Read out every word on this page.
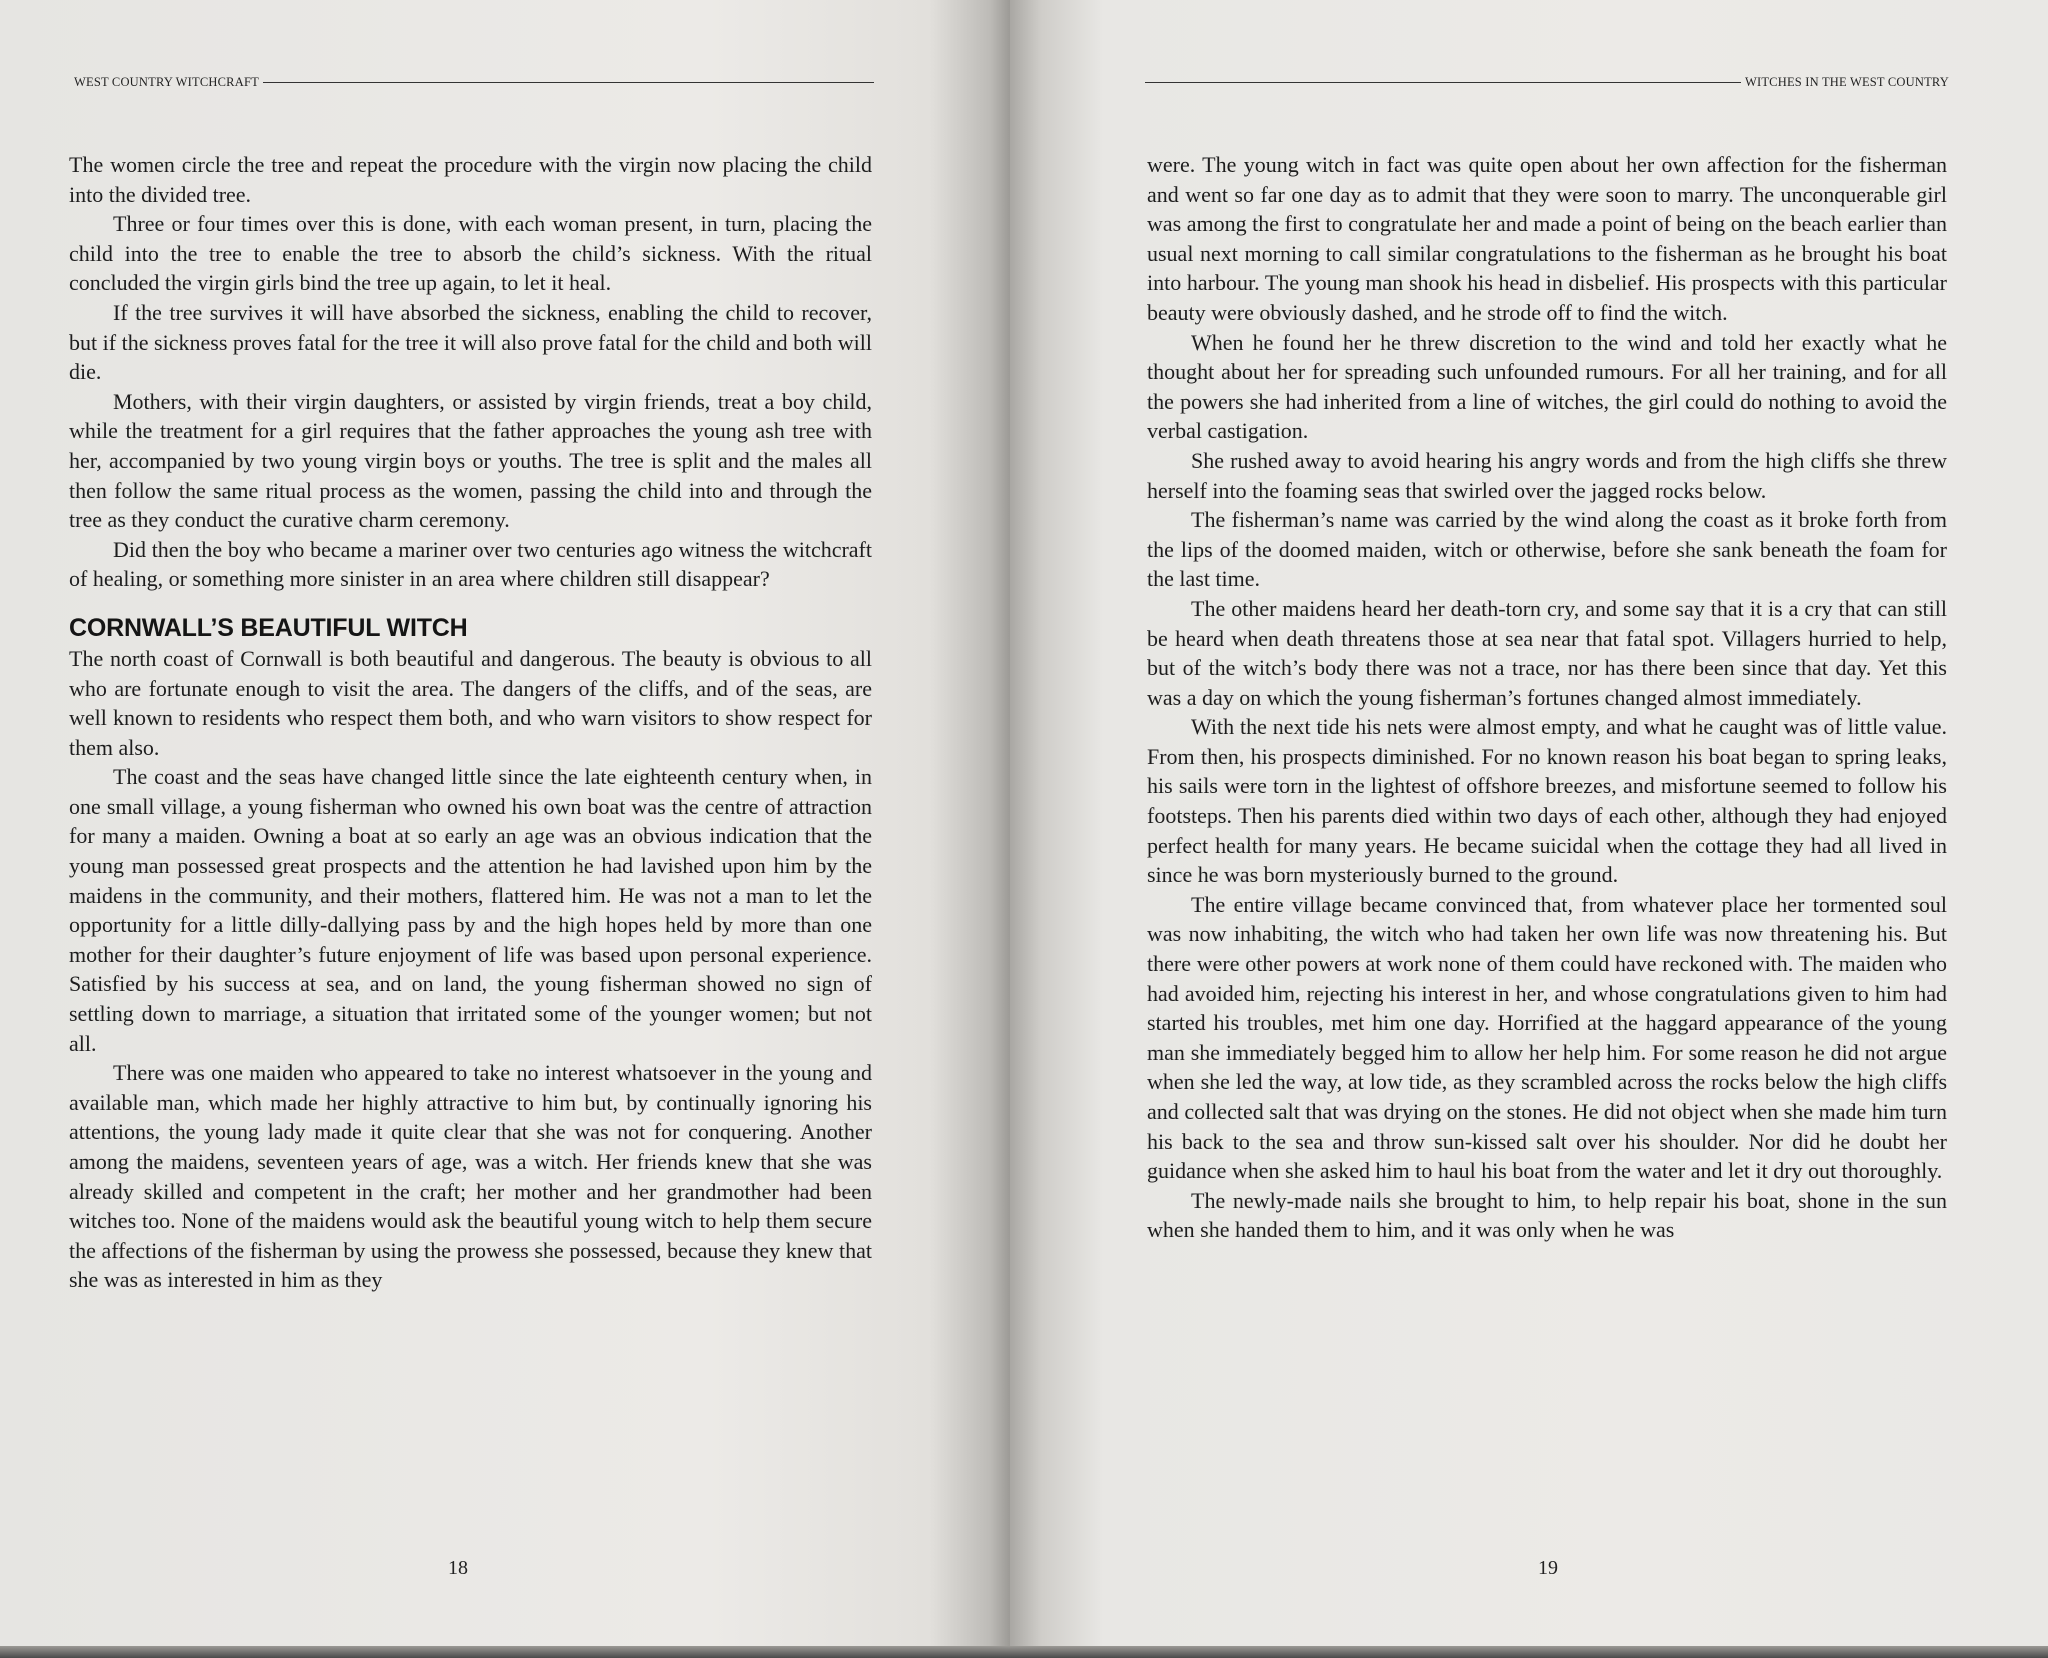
WEST COUNTRY WITCHCRAFT

The women circle the tree and repeat the procedure with the virgin now placing the child into the divided tree.

Three or four times over this is done, with each woman present, in turn, placing the child into the tree to enable the tree to absorb the child’s sickness. With the ritual concluded the virgin girls bind the tree up again, to let it heal.

If the tree survives it will have absorbed the sickness, enabling the child to recover, but if the sickness proves fatal for the tree it will also prove fatal for the child and both will die.

Mothers, with their virgin daughters, or assisted by virgin friends, treat a boy child, while the treatment for a girl requires that the father approaches the young ash tree with her, accompanied by two young virgin boys or youths. The tree is split and the males all then follow the same ritual process as the women, passing the child into and through the tree as they conduct the curative charm ceremony.

Did then the boy who became a mariner over two centuries ago witness the witchcraft of healing, or something more sinister in an area where children still disappear?

CORNWALL’S BEAUTIFUL WITCH

The north coast of Cornwall is both beautiful and dangerous. The beauty is obvious to all who are fortunate enough to visit the area. The dangers of the cliffs, and of the seas, are well known to residents who respect them both, and who warn visitors to show respect for them also.

The coast and the seas have changed little since the late eighteenth century when, in one small village, a young fisherman who owned his own boat was the centre of attraction for many a maiden. Owning a boat at so early an age was an obvious indication that the young man possessed great prospects and the attention he had lavished upon him by the maidens in the community, and their mothers, flattered him. He was not a man to let the opportunity for a little dilly-dallying pass by and the high hopes held by more than one mother for their daughter’s future enjoyment of life was based upon personal experience. Satisfied by his success at sea, and on land, the young fisherman showed no sign of settling down to marriage, a situation that irritated some of the younger women; but not all.

There was one maiden who appeared to take no interest whatsoever in the young and available man, which made her highly attractive to him but, by continually ignoring his attentions, the young lady made it quite clear that she was not for conquering. Another among the maidens, seventeen years of age, was a witch. Her friends knew that she was already skilled and competent in the craft; her mother and her grandmother had been witches too. None of the maidens would ask the beautiful young witch to help them secure the affections of the fisherman by using the prowess she possessed, because they knew that she was as interested in him as they

18
WITCHES IN THE WEST COUNTRY

were. The young witch in fact was quite open about her own affection for the fisherman and went so far one day as to admit that they were soon to marry. The unconquerable girl was among the first to congratulate her and made a point of being on the beach earlier than usual next morning to call similar congratulations to the fisherman as he brought his boat into harbour. The young man shook his head in disbelief. His prospects with this particular beauty were obviously dashed, and he strode off to find the witch.

When he found her he threw discretion to the wind and told her exactly what he thought about her for spreading such unfounded rumours. For all her training, and for all the powers she had inherited from a line of witches, the girl could do nothing to avoid the verbal castigation.

She rushed away to avoid hearing his angry words and from the high cliffs she threw herself into the foaming seas that swirled over the jagged rocks below.

The fisherman’s name was carried by the wind along the coast as it broke forth from the lips of the doomed maiden, witch or otherwise, before she sank beneath the foam for the last time.

The other maidens heard her death-torn cry, and some say that it is a cry that can still be heard when death threatens those at sea near that fatal spot. Villagers hurried to help, but of the witch’s body there was not a trace, nor has there been since that day. Yet this was a day on which the young fisherman’s fortunes changed almost immediately.

With the next tide his nets were almost empty, and what he caught was of little value. From then, his prospects diminished. For no known reason his boat began to spring leaks, his sails were torn in the lightest of offshore breezes, and misfortune seemed to follow his footsteps. Then his parents died within two days of each other, although they had enjoyed perfect health for many years. He became suicidal when the cottage they had all lived in since he was born mysteriously burned to the ground.

The entire village became convinced that, from whatever place her tormented soul was now inhabiting, the witch who had taken her own life was now threatening his. But there were other powers at work none of them could have reckoned with. The maiden who had avoided him, rejecting his interest in her, and whose congratulations given to him had started his troubles, met him one day. Horrified at the haggard appearance of the young man she immediately begged him to allow her help him. For some reason he did not argue when she led the way, at low tide, as they scrambled across the rocks below the high cliffs and collected salt that was drying on the stones. He did not object when she made him turn his back to the sea and throw sun-kissed salt over his shoulder. Nor did he doubt her guidance when she asked him to haul his boat from the water and let it dry out thoroughly.

The newly-made nails she brought to him, to help repair his boat, shone in the sun when she handed them to him, and it was only when he was

19
